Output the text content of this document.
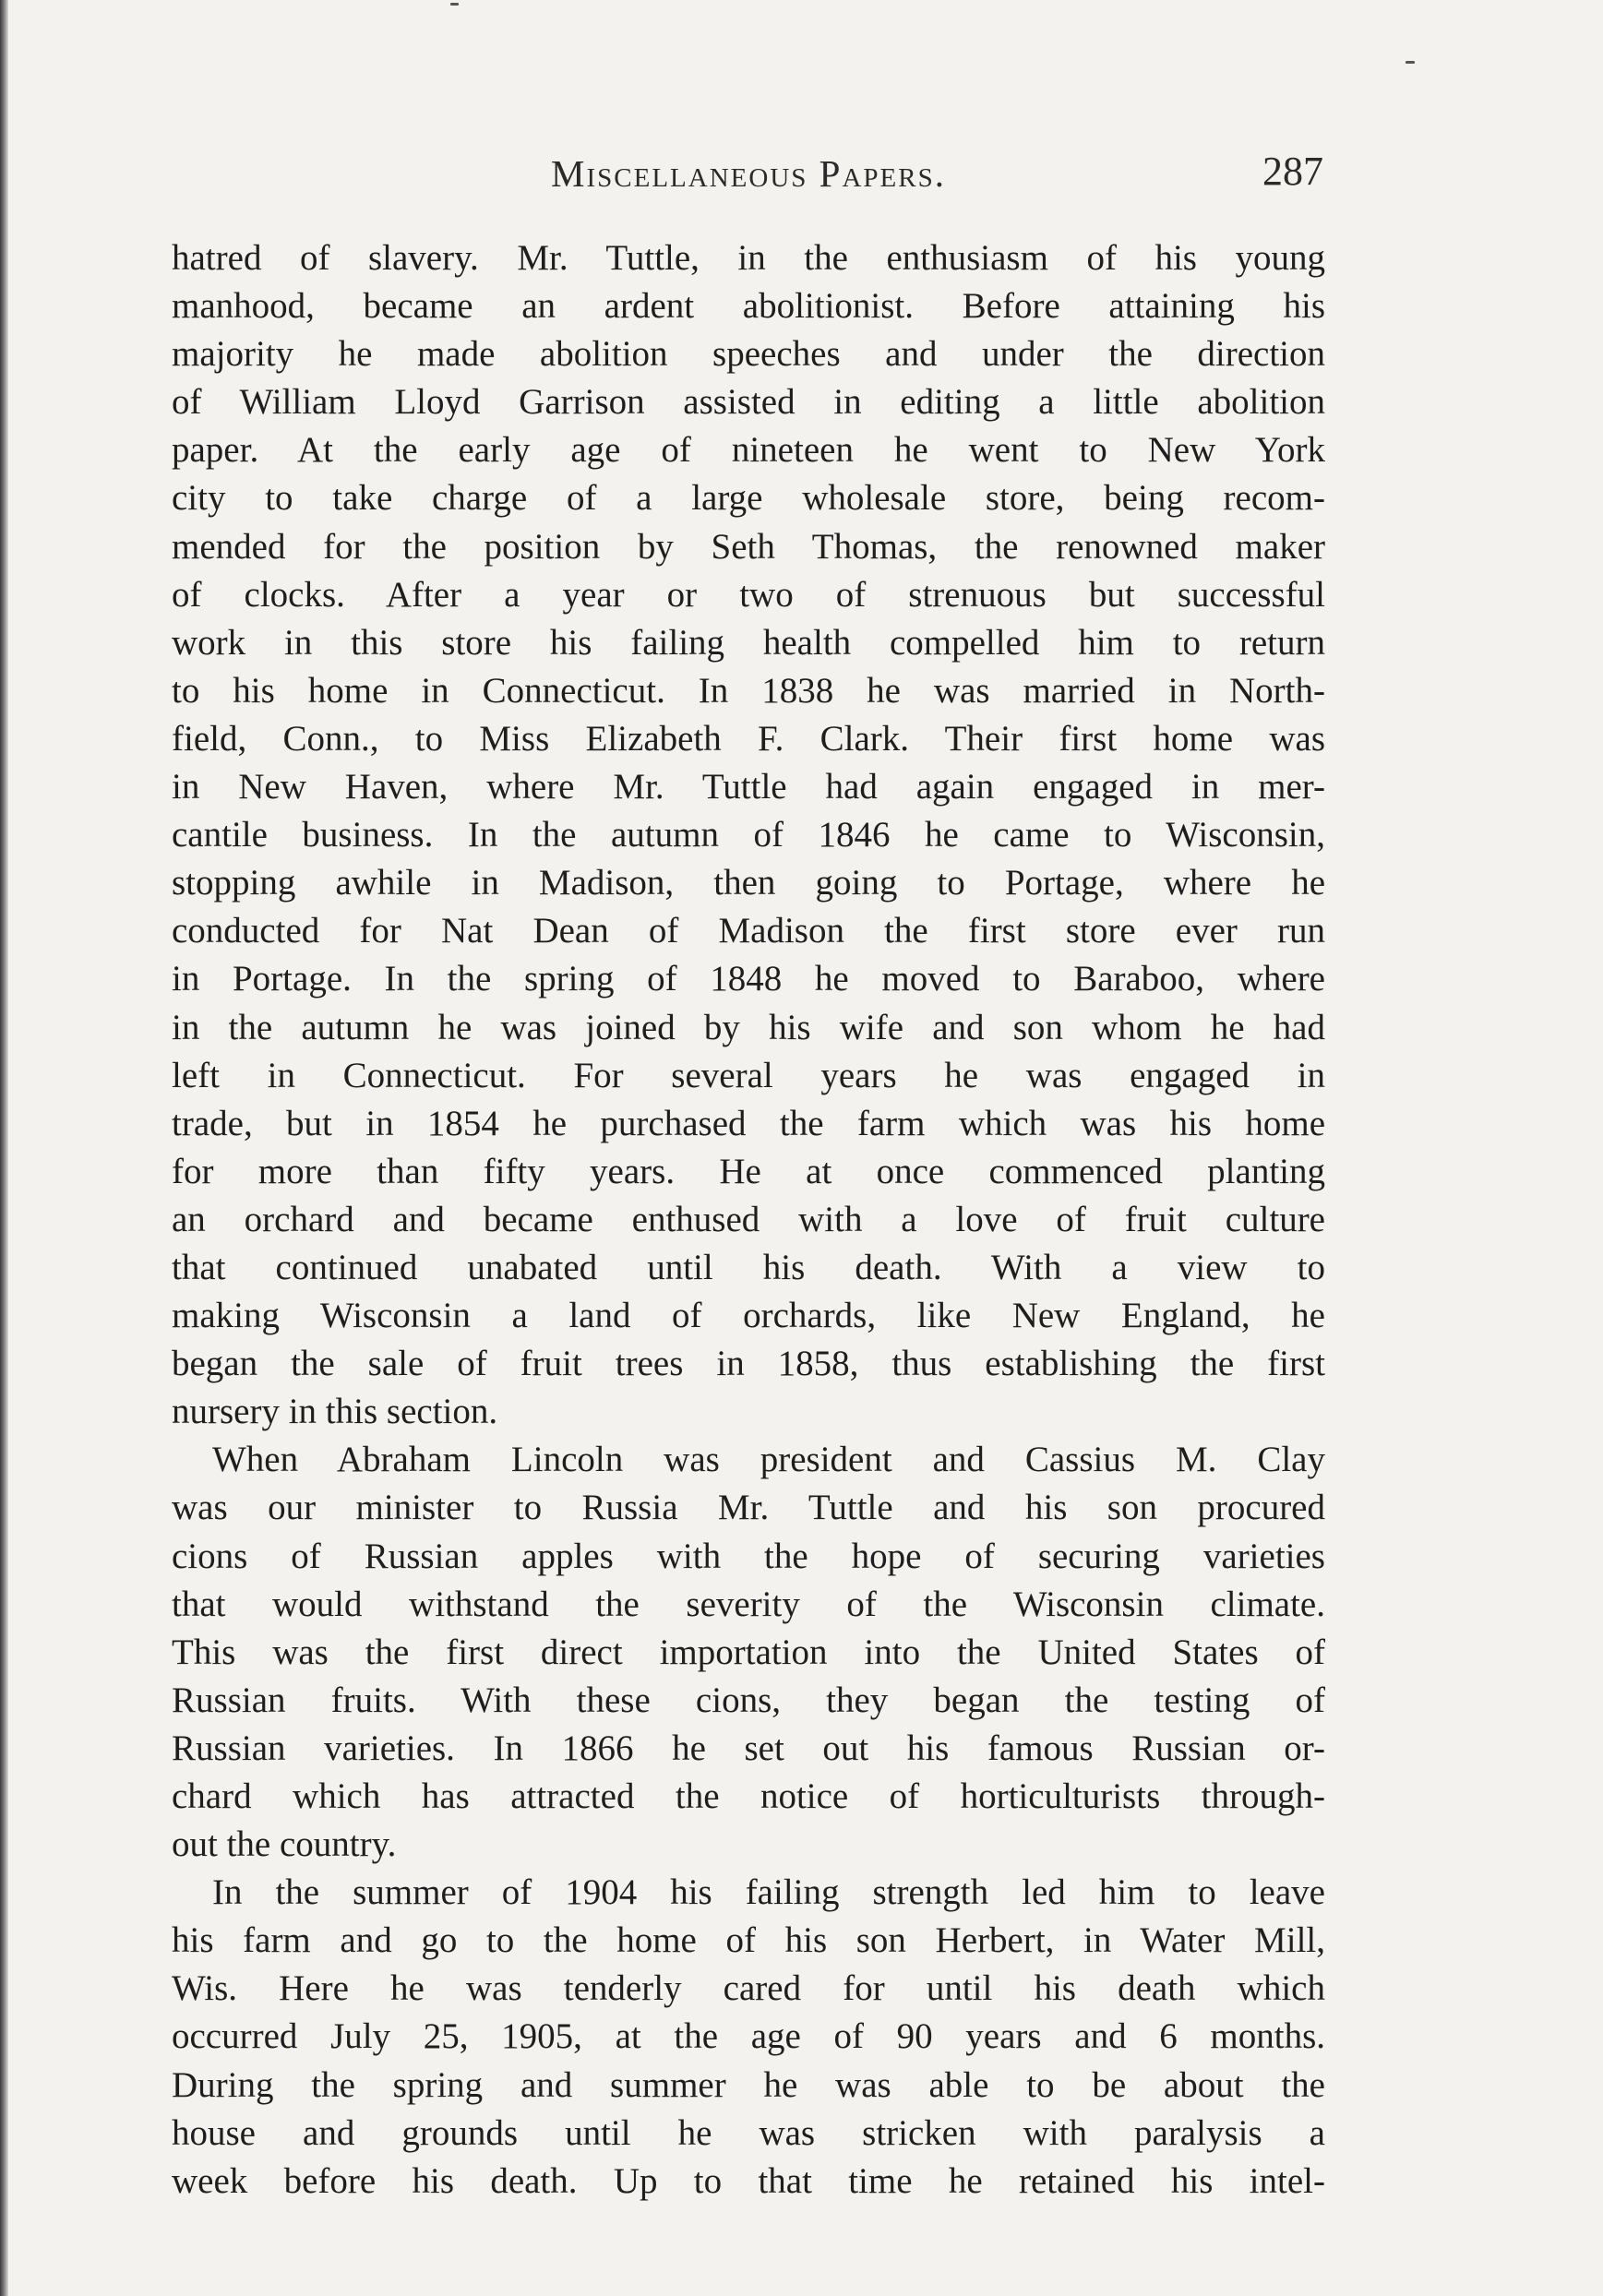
Miscellaneous Papers.	287
hatred of slavery. Mr. Tuttle, in the enthusiasm of his young
manhood, became an ardent abolitionist. Before attaining his
majority he made abolition speeches and under the direction
of William Lloyd Garrison assisted in editing a little abolition
paper. At the early age of nineteen he went to New York
city to take charge of a large wholesale store, being recom-
mended for the position by Seth Thomas, the renowned maker
of clocks. After a year or two of strenuous but successful
work in this store his failing health compelled him to return
to his home in Connecticut. In 1838 he was married in North-
field, Conn., to Miss Elizabeth F. Clark. Their first home was
in New Haven, where Mr. Tuttle had again engaged in mer-
cantile business. In the autumn of 1846 he came to Wisconsin,
stopping awhile in Madison, then going to Portage, where he
conducted for Nat Dean of Madison the first store ever run
in Portage. In the spring of 1848 he moved to Baraboo, where
in the autumn he was joined by his wife and son whom he had
left in Connecticut. For several years he was engaged in
trade, but in 1854 he purchased the farm which was his home
for more than fifty years. He at once commenced planting
an orchard and became enthused with a love of fruit culture
that continued unabated until his death. With a view to
making Wisconsin a land of orchards, like New England, he
began the sale of fruit trees in 1858, thus establishing the first
nursery in this section.
When Abraham Lincoln was president and Cassius M. Clay
was our minister to Russia Mr. Tuttle and his son procured
cions of Russian apples with the hope of securing varieties
that would withstand the severity of the Wisconsin climate.
This was the first direct importation into the United States of
Russian fruits. With these cions, they began the testing of
Russian varieties. In 1866 he set out his famous Russian or-
chard which has attracted the notice of horticulturists through-
out the country.
In the summer of 1904 his failing strength led him to leave
his farm and go to the home of his son Herbert, in Water Mill,
Wis. Here he was tenderly cared for until his death which
occurred July 25, 1905, at the age of 90 years and 6 months.
During the spring and summer he was able to be about the
house and grounds until he was stricken with paralysis a
week before his death. Up to that time he retained his intel-
